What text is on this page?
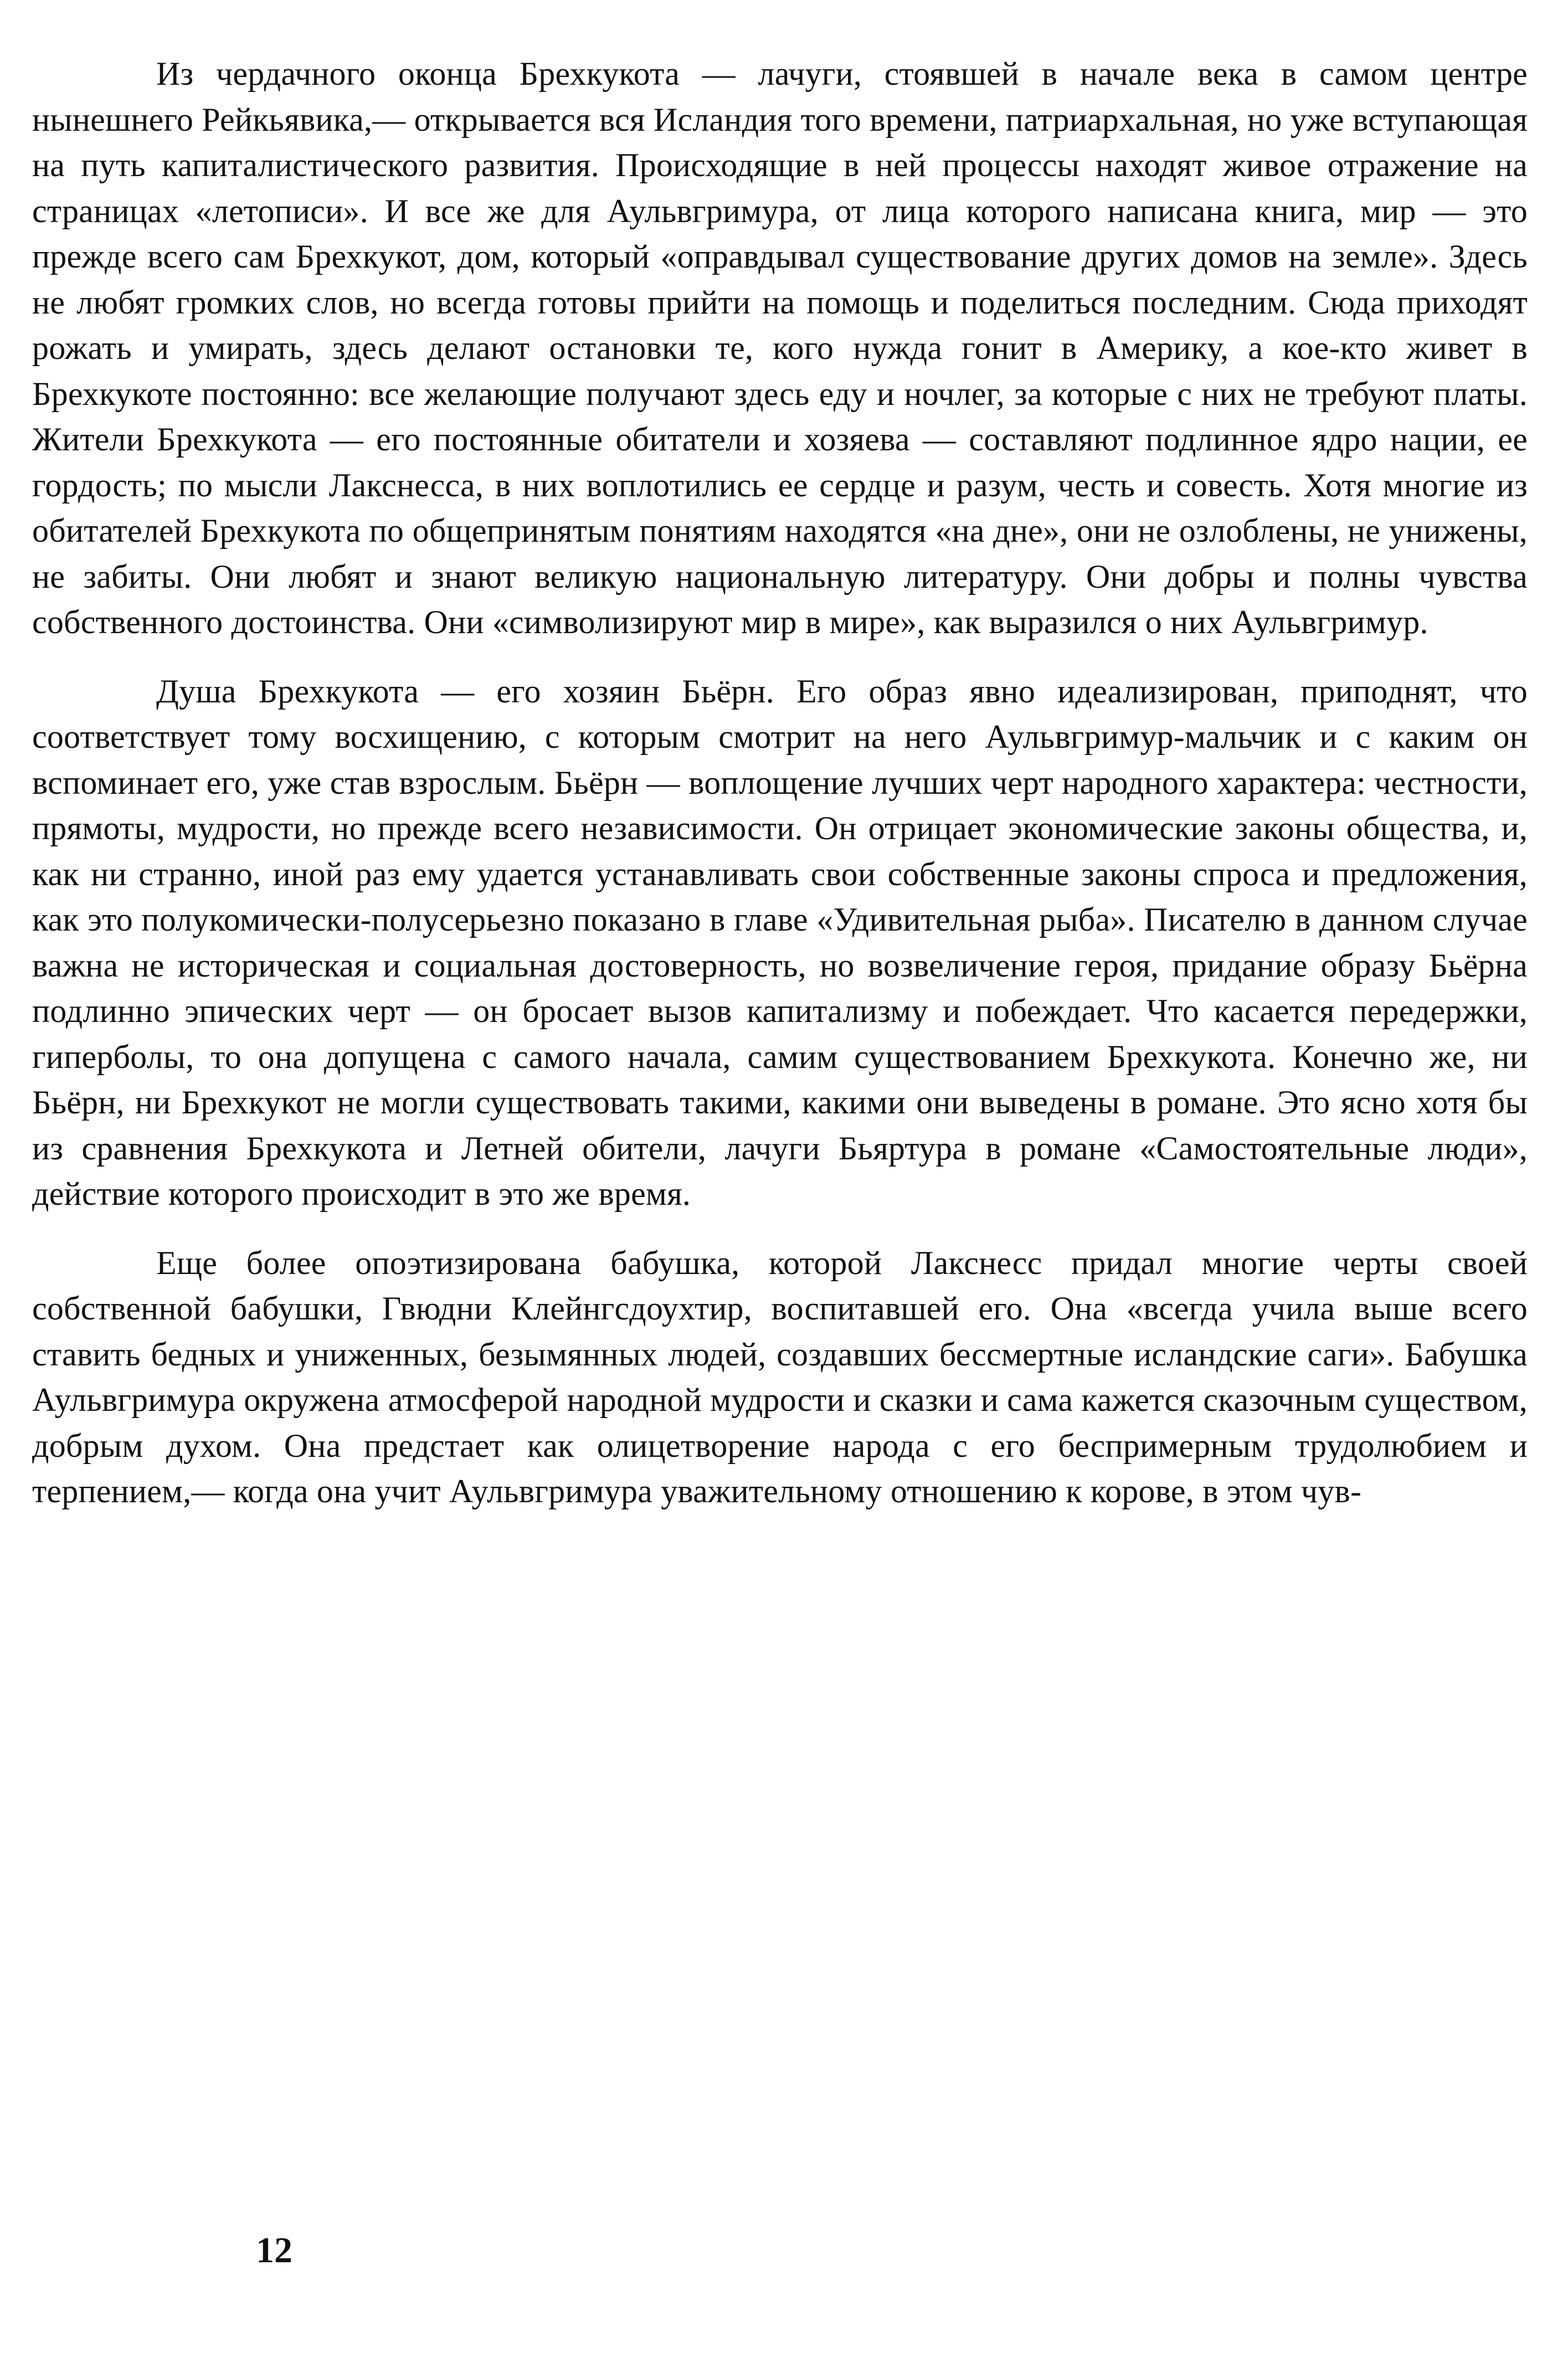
Из чердачного оконца Брехкукота — лачуги, стоявшей в начале века в самом центре нынешнего Рейкьявика,— открывается вся Исландия того времени, патриархальная, но уже вступающая на путь капиталистического развития. Происходящие в ней процессы находят живое отражение на страницах «летописи». И все же для Аульвгримура, от лица которого написана книга, мир — это прежде всего сам Брехкукот, дом, который «оправдывал существование других домов на земле». Здесь не любят громких слов, но всегда готовы прийти на помощь и поделиться последним. Сюда приходят рожать и умирать, здесь делают остановки те, кого нужда гонит в Америку, а кое-кто живет в Брехкукоте постоянно: все желающие получают здесь еду и ночлег, за которые с них не требуют платы. Жители Брехкукота — его постоянные обитатели и хозяева — составляют подлинное ядро нации, ее гордость; по мысли Лакснесса, в них воплотились ее сердце и разум, честь и совесть. Хотя многие из обитателей Брехкукота по общепринятым понятиям находятся «на дне», они не озлоблены, не унижены, не забиты. Они любят и знают великую национальную литературу. Они добры и полны чувства собственного достоинства. Они «символизируют мир в мире», как выразился о них Аульвгримур.

Душа Брехкукота — его хозяин Бьёрн. Его образ явно идеализирован, приподнят, что соответствует тому восхищению, с которым смотрит на него Аульвгримур-мальчик и с каким он вспоминает его, уже став взрослым. Бьёрн — воплощение лучших черт народного характера: честности, прямоты, мудрости, но прежде всего независимости. Он отрицает экономические законы общества, и, как ни странно, иной раз ему удается устанавливать свои собственные законы спроса и предложения, как это полукомически-полусерьезно показано в главе «Удивительная рыба». Писателю в данном случае важна не историческая и социальная достоверность, но возвеличение героя, придание образу Бьёрна подлинно эпических черт — он бросает вызов капитализму и побеждает. Что касается передержки, гиперболы, то она допущена с самого начала, самим существованием Брехкукота. Конечно же, ни Бьёрн, ни Брехкукот не могли существовать такими, какими они выведены в романе. Это ясно хотя бы из сравнения Брехкукота и Летней обители, лачуги Бьяртура в романе «Самостоятельные люди», действие которого происходит в это же время.

Еще более опоэтизирована бабушка, которой Лакснесс придал многие черты своей собственной бабушки, Гвюдни Клейнгсдоухтир, воспитавшей его. Она «всегда учила выше всего ставить бедных и униженных, безымянных людей, создавших бессмертные исландские саги». Бабушка Аульвгримура окружена атмосферой народной мудрости и сказки и сама кажется сказочным существом, добрым духом. Она предстает как олицетворение народа с его беспримерным трудолюбием и терпением,— когда она учит Аульвгримура уважительному отношению к корове, в этом чув-

12
